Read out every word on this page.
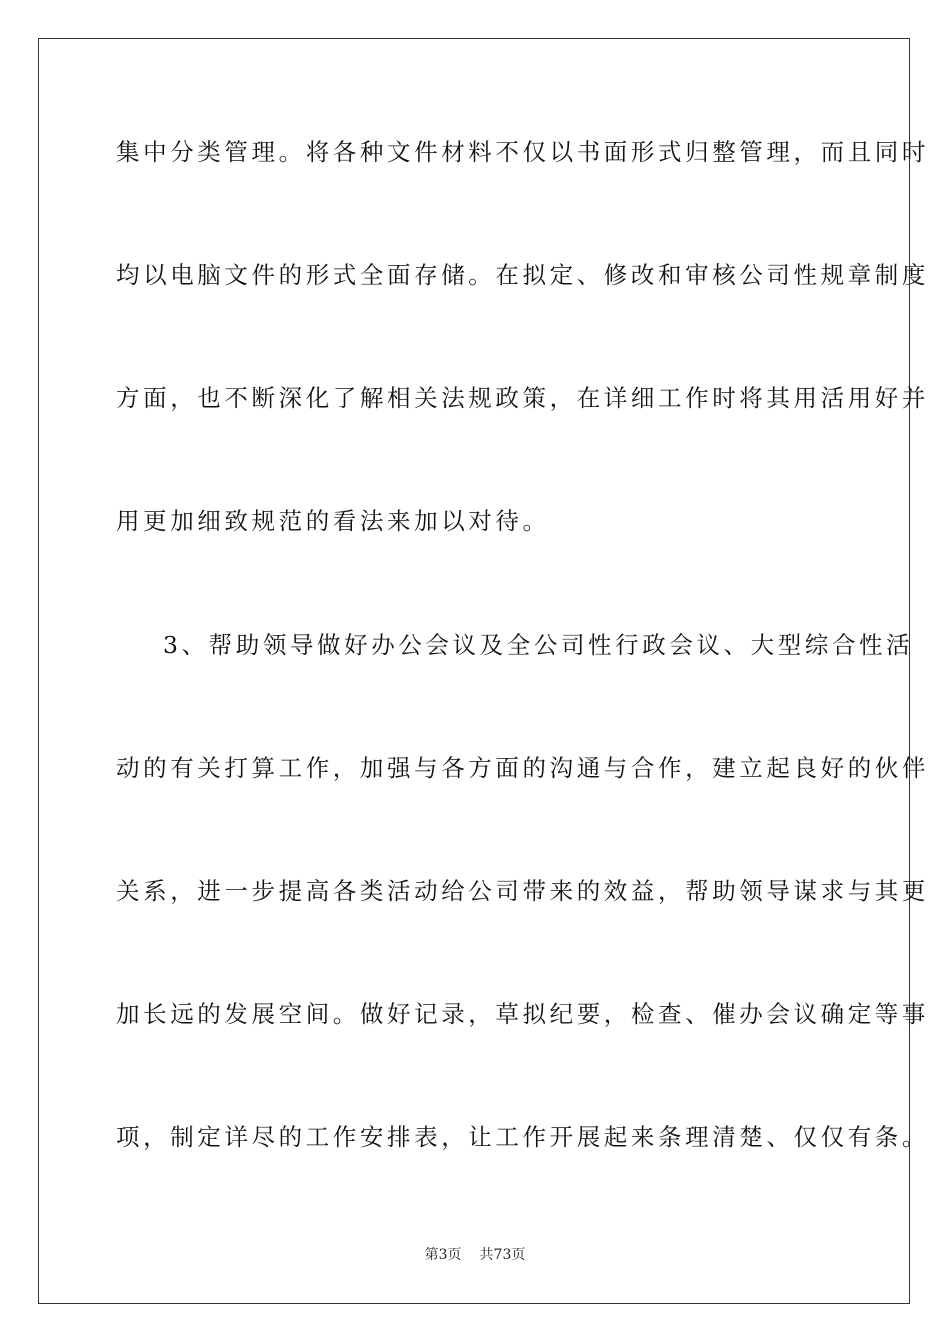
集中分类管理。将各种文件材料不仅以书面形式归整管理，而且同时
均以电脑文件的形式全面存储。在拟定、修改和审核公司性规章制度
方面，也不断深化了解相关法规政策，在详细工作时将其用活用好并
用更加细致规范的看法来加以对待。
3、帮助领导做好办公会议及全公司性行政会议、大型综合性活
动的有关打算工作，加强与各方面的沟通与合作，建立起良好的伙伴
关系，进一步提高各类活动给公司带来的效益，帮助领导谋求与其更
加长远的发展空间。做好记录，草拟纪要，检查、催办会议确定等事
项，制定详尽的工作安排表，让工作开展起来条理清楚、仅仅有条。
第3页 共73页
